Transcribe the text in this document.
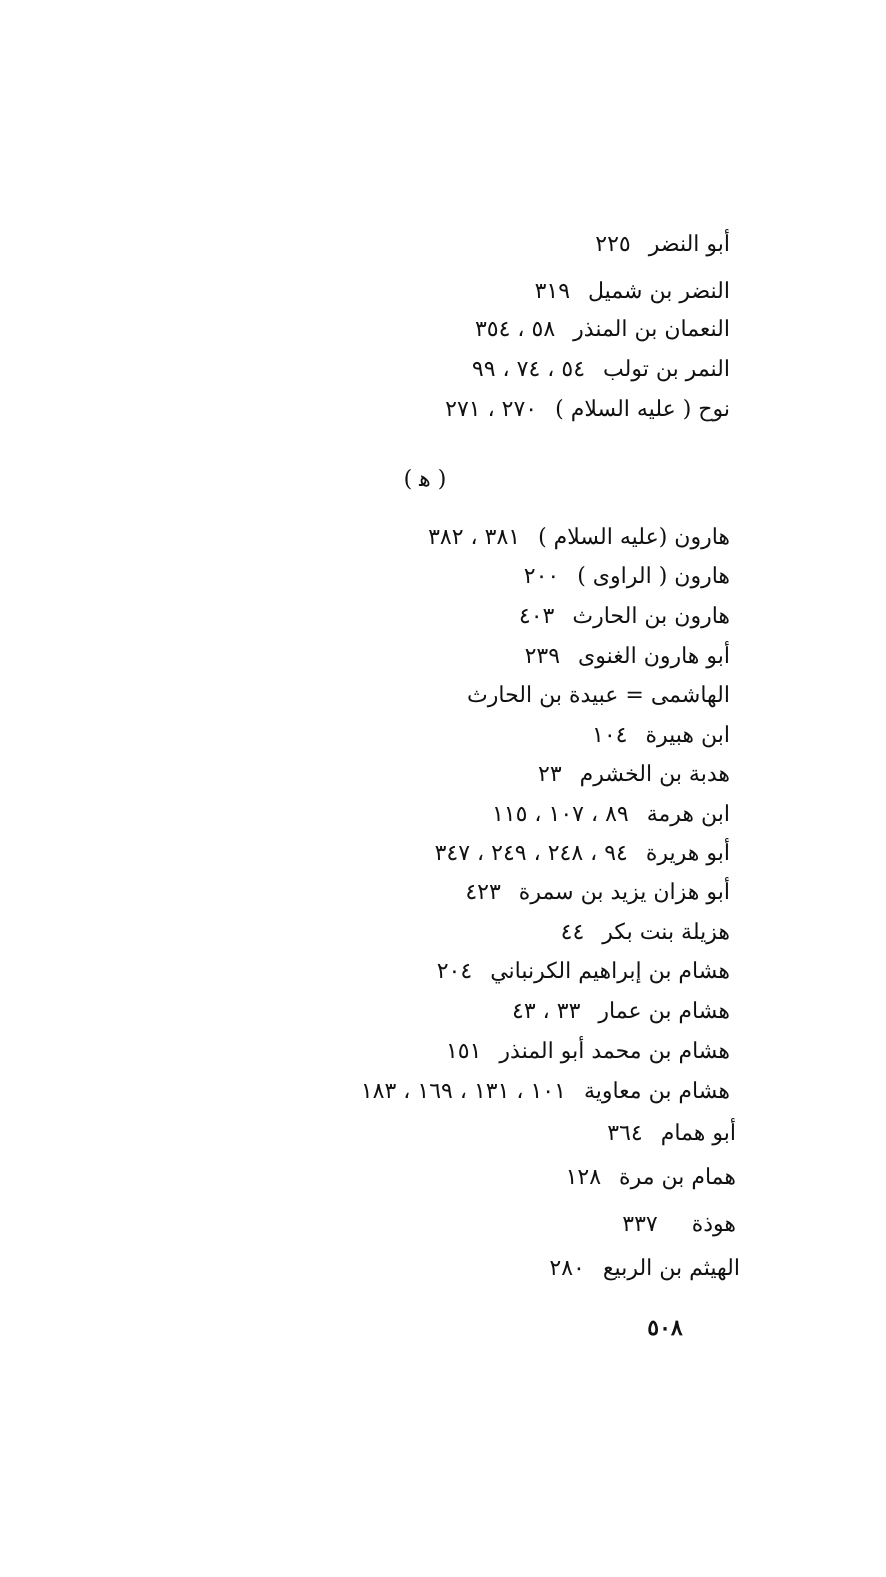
أبو النضر٢٢٥
النضر بن شميل٣١٩
النعمان بن المنذر٥٨ ، ٣٥٤
النمر بن تولب٥٤ ، ٧٤ ، ٩٩
نوح ( عليه السلام )٢٧٠ ، ٢٧١
( ﻫ )
هارون (عليه السلام )٣٨١ ، ٣٨٢
هارون ( الراوى )٢٠٠
هارون بن الحارث٤٠٣
أبو هارون الغنوى٢٣٩
الهاشمى = عبيدة بن الحارث
ابن هبيرة١٠٤
هدبة بن الخشرم٢٣
ابن هرمة٨٩ ، ١٠٧ ، ١١٥
أبو هريرة٩٤ ، ٢٤٨ ، ٢٤٩ ، ٣٤٧
أبو هزان يزيد بن سمرة٤٢٣
هزيلة بنت بكر٤٤
هشام بن إبراهيم الكرنباني٢٠٤
هشام بن عمار٣٣ ، ٤٣
هشام بن محمد أبو المنذر١٥١
هشام بن معاوية١٠١ ، ١٣١ ، ١٦٩ ، ١٨٣
أبو همام٣٦٤
همام بن مرة١٢٨
هوذة٣٣٧
الهيثم بن الربيع٢٨٠
٥٠٨
